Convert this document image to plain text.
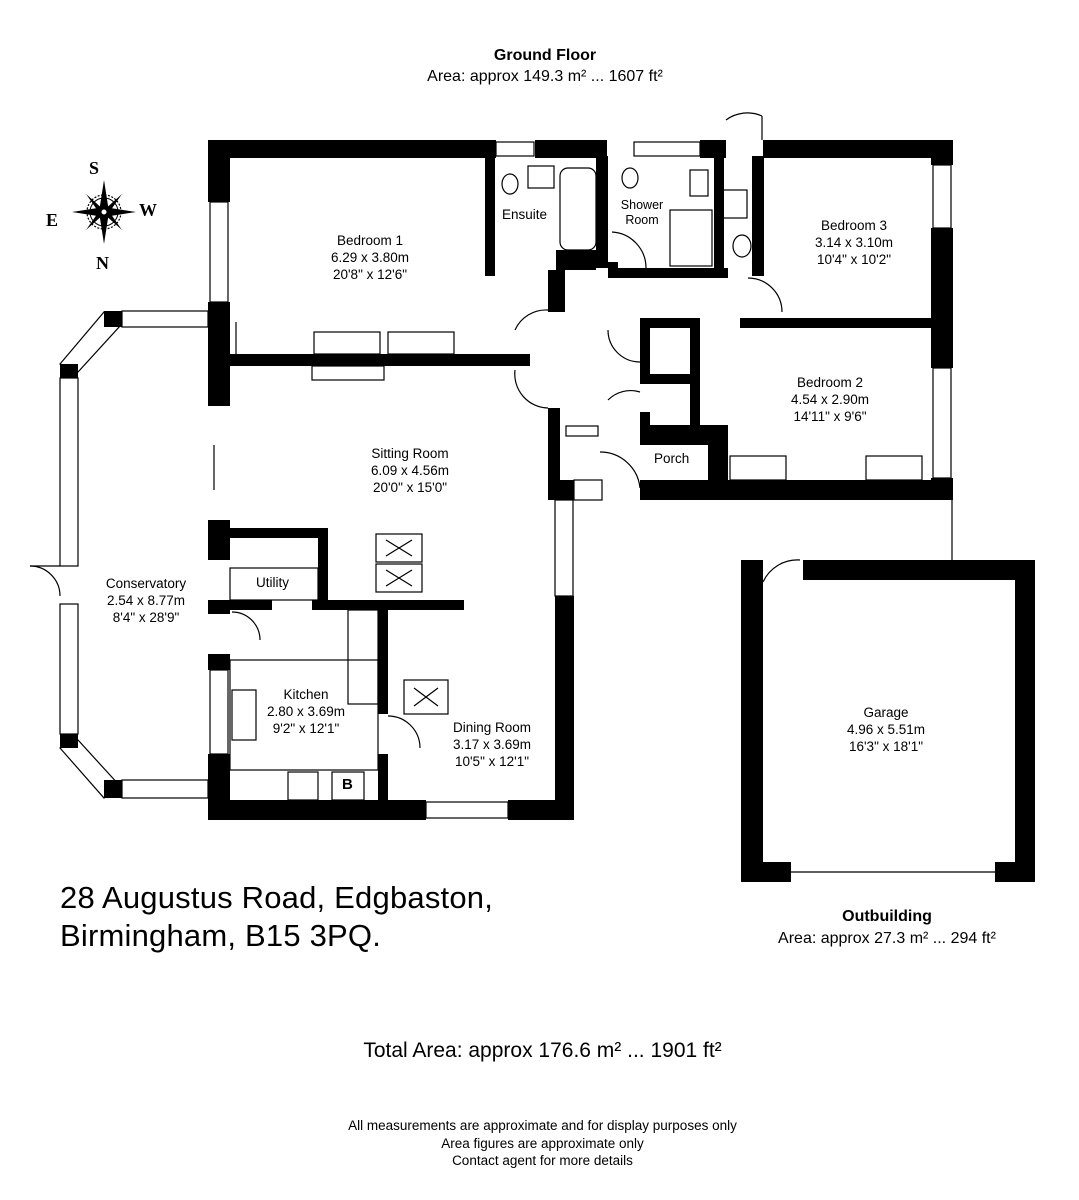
Ground Floor
Area: approx 149.3 m² ... 1607 ft²
S
E	W
N
Bedroom 1
6.29 x 3.80m
20'8" x 12'6"
Ensuite
Shower
Room	Bedroom 3
3.14 x 3.10m
10'4" x 10'2"
Bedroom 2
4.54 x 2.90m
14'11" x 9'6"
Porch
Sitting Room
6.09 x 4.56m
20'0" x 15'0"
Utility
Conservatory
2.54 x 8.77m
8'4" x 28'9"
Kitchen
2.80 x 3.69m
9'2" x 12'1"	Dining Room
3.17 x 3.69m
10'5" x 12'1"
B
Garage
4.96 x 5.51m
16'3" x 18'1"
28 Augustus Road, Edgbaston,
Birmingham, B15 3PQ.
Outbuilding
Area: approx 27.3 m² ... 294 ft²
Total Area: approx 176.6 m² ... 1901 ft²
All measurements are approximate and for display purposes only
Area figures are approximate only
Contact agent for more details
